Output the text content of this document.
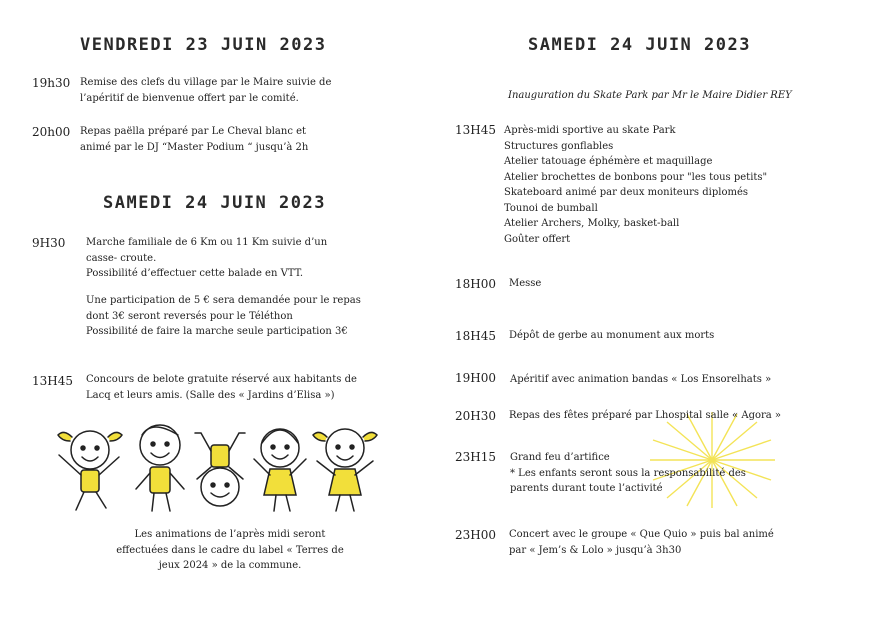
VENDREDI 23 JUIN 2023
19h30 Remise des clefs du village par le Maire suivie de
l’apéritif de bienvenue offert par le comité.
20h00 Repas paëlla préparé par Le Cheval blanc et
animé par le DJ “Master Podium “ jusqu’à 2h
SAMEDI 24 JUIN 2023
9H30 Marche familiale de 6 Km ou 11 Km suivie d’un
casse- croute.
Possibilité d’effectuer cette balade en VTT.
Une participation de 5 € sera demandée pour le repas
dont 3€ seront reversés pour le Téléthon
Possibilité de faire la marche seule participation 3€
13H45 Concours de belote gratuite réservé aux habitants de
Lacq et leurs amis. (Salle des « Jardins d’Elisa »)
Les animations de l’après midi seront
effectuées dans le cadre du label « Terres de
jeux 2024 » de la commune.
SAMEDI 24 JUIN 2023
Inauguration du Skate Park par Mr le Maire Didier REY
13H45 Après-midi sportive au skate Park
Structures gonflables
Atelier tatouage éphémère et maquillage
Atelier brochettes de bonbons pour "les tous petits"
Skateboard animé par deux moniteurs diplomés
Tounoi de bumball
Atelier Archers, Molky, basket-ball
Goûter offert
18H00 Messe
18H45 Dépôt de gerbe au monument aux morts
19H00 Apéritif avec animation bandas « Los Ensorelhats »
20H30 Repas des fêtes préparé par Lhospital salle « Agora »
23H15 Grand feu d’artifice
* Les enfants seront sous la responsabilité des
parents durant toute l’activité
23H00 Concert avec le groupe « Que Quio » puis bal animé
par « Jem’s & Lolo » jusqu’à 3h30
